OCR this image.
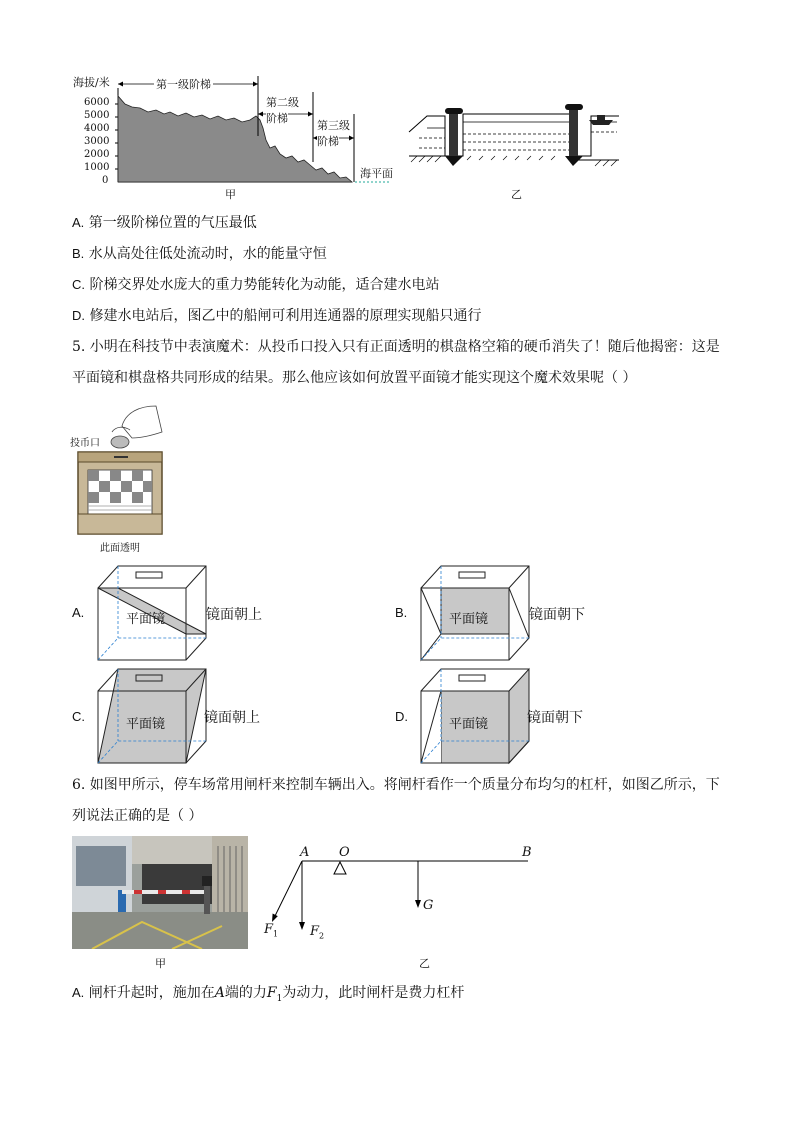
海拔/米
6000
5000
4000
3000
2000
1000
0
第一级阶梯
第二级
阶梯
第三级
阶梯
海平面
甲	乙
A. 第一级阶梯位置的气压最低
B. 水从高处往低处流动时，水的能量守恒
C. 阶梯交界处水庞大的重力势能转化为动能，适合建水电站
D. 修建水电站后，图乙中的船闸可利用连通器的原理实现船只通行
5. 小明在科技节中表演魔术：从投币口投入只有正面透明的棋盘格空箱的硬币消失了！随后他揭密：这是
平面镜和棋盘格共同形成的结果。那么他应该如何放置平面镜才能实现这个魔术效果呢（ ）
投币口
此面透明
A.	平面镜	镜面朝上	B.	平面镜	镜面朝下
C.
平面镜	镜面朝上	D.
平面镜	镜面朝下
6. 如图甲所示，停车场常用闸杆来控制车辆出入。将闸杆看作一个质量分布均匀的杠杆，如图乙所示，下
列说法正确的是（ ）
甲
A O	B
G
$F_1$ $F_2$
乙
A. 闸杆升起时，施加在A端的力$F_1$为动力，此时闸杆是费力杠杆
